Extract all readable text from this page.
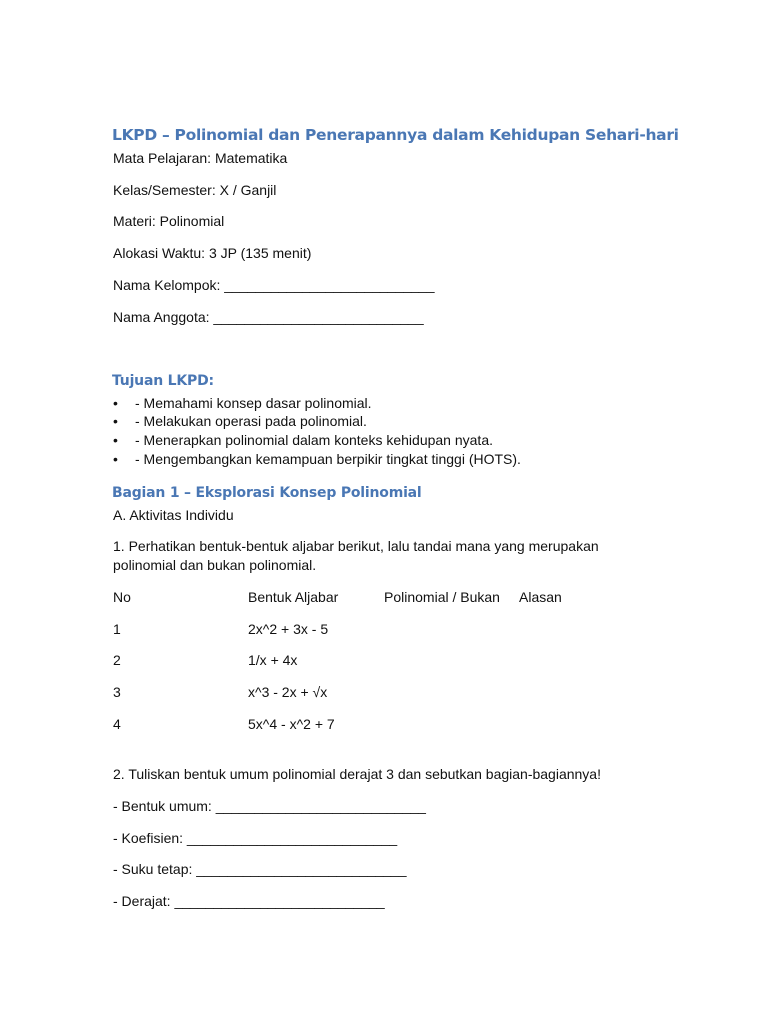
LKPD – Polinomial dan Penerapannya dalam Kehidupan Sehari-hari
Mata Pelajaran: Matematika
Kelas/Semester: X / Ganjil
Materi: Polinomial
Alokasi Waktu: 3 JP (135 menit)
Nama Kelompok: ___________________________
Nama Anggota: ___________________________
Tujuan LKPD:
•	- Memahami konsep dasar polinomial.
•	- Melakukan operasi pada polinomial.
•	- Menerapkan polinomial dalam konteks kehidupan nyata.
•	- Mengembangkan kemampuan berpikir tingkat tinggi (HOTS).
Bagian 1 – Eksplorasi Konsep Polinomial
A. Aktivitas Individu
1. Perhatikan bentuk-bentuk aljabar berikut, lalu tandai mana yang merupakan
polinomial dan bukan polinomial.
No	Bentuk Aljabar	Polinomial / Bukan Alasan
1	2x^2 + 3x - 5
2	1/x + 4x
3	x^3 - 2x + √x
4	5x^4 - x^2 + 7
2. Tuliskan bentuk umum polinomial derajat 3 dan sebutkan bagian-bagiannya!
- Bentuk umum: ___________________________
- Koefisien: ___________________________
- Suku tetap: ___________________________
- Derajat: ___________________________
